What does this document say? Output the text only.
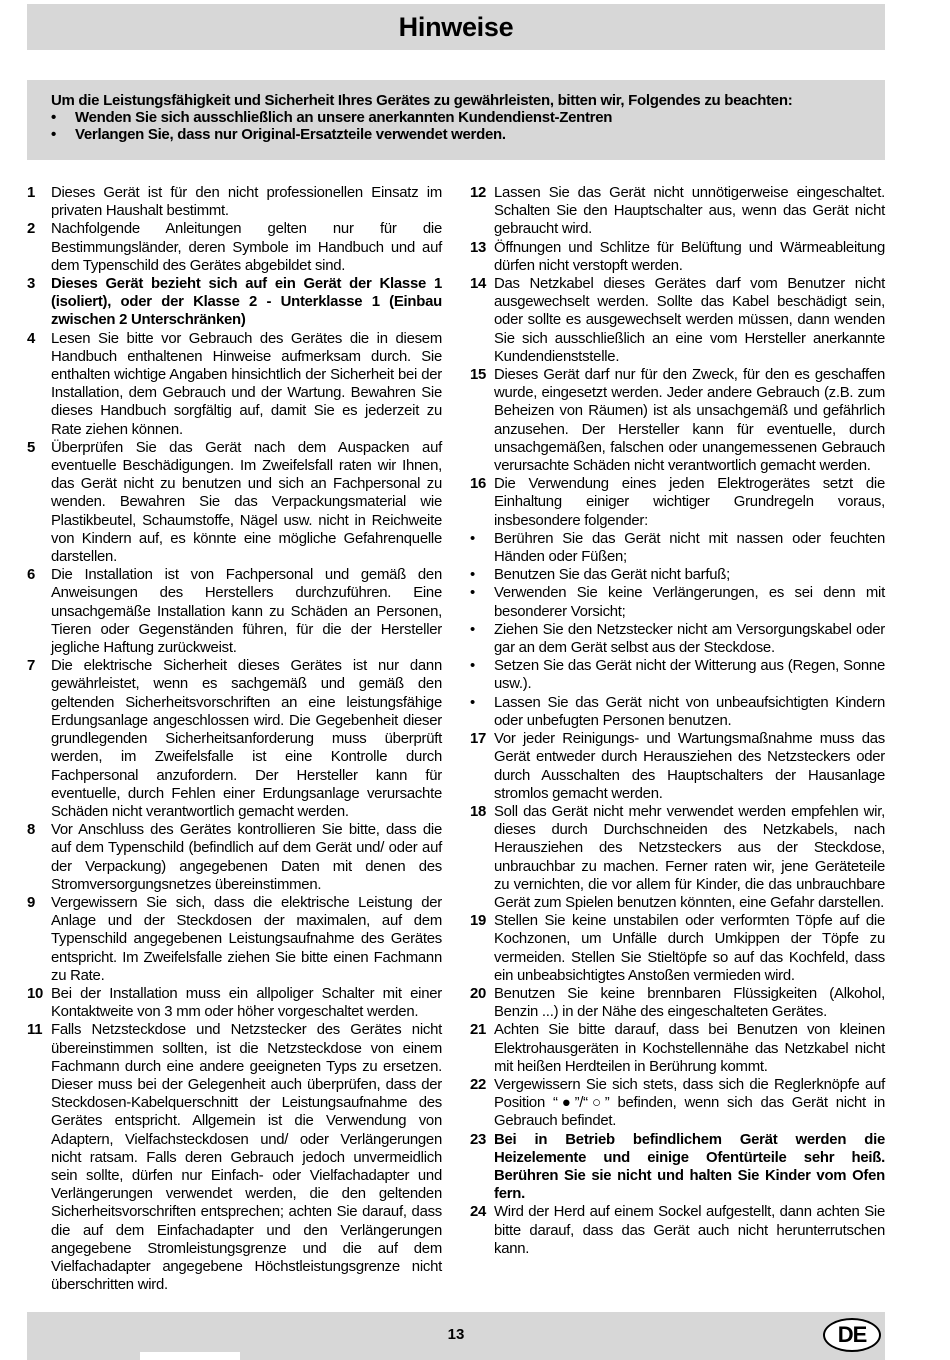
Hinweise
Um die Leistungsfähigkeit und Sicherheit Ihres Gerätes zu gewährleisten, bitten wir, Folgendes zu beachten:
•	Wenden Sie sich ausschließlich an unsere anerkannten Kundendienst-Zentren
•	Verlangen Sie, dass nur Original-Ersatzteile verwendet werden.
1	Dieses Gerät ist für den nicht professionellen Einsatz im privaten Haushalt bestimmt.
2	Nachfolgende Anleitungen gelten nur für die Bestimmungsländer, deren Symbole im Handbuch und auf dem Typenschild des Gerätes abgebildet sind.
3	Dieses Gerät bezieht sich auf ein Gerät der Klasse 1 (isoliert), oder der Klasse 2 - Unterklasse 1 (Einbau zwischen 2 Unterschränken)
4	Lesen Sie bitte vor Gebrauch des Gerätes die in diesem Handbuch enthaltenen Hinweise aufmerksam durch. Sie enthalten wichtige Angaben hinsichtlich der Sicherheit bei der Installation, dem Gebrauch und der Wartung. Bewahren Sie dieses Handbuch sorgfältig auf, damit Sie es jederzeit zu Rate ziehen können.
5	Überprüfen Sie das Gerät nach dem Auspacken auf eventuelle Beschädigungen. Im Zweifelsfall raten wir Ihnen, das Gerät nicht zu benutzen und sich an Fachpersonal zu wenden. Bewahren Sie das Verpackungsmaterial wie Plastikbeutel, Schaumstoffe, Nägel usw. nicht in Reichweite von Kindern auf, es könnte eine mögliche Gefahrenquelle darstellen.
6	Die Installation ist von Fachpersonal und gemäß den Anweisungen des Herstellers durchzuführen. Eine unsachgemäße Installation kann zu Schäden an Personen, Tieren oder Gegenständen führen, für die der Hersteller jegliche Haftung zurückweist.
7	Die elektrische Sicherheit dieses Gerätes ist nur dann gewährleistet, wenn es sachgemäß und gemäß den geltenden Sicherheitsvorschriften an eine leistungsfähige Erdungsanlage angeschlossen wird. Die Gegebenheit dieser grundlegenden Sicherheitsanforderung muss überprüft werden, im Zweifelsfalle ist eine Kontrolle durch Fachpersonal anzufordern. Der Hersteller kann für eventuelle, durch Fehlen einer Erdungsanlage verursachte Schäden nicht verantwortlich gemacht werden.
8	Vor Anschluss des Gerätes kontrollieren Sie bitte, dass die auf dem Typenschild (befindlich auf dem Gerät und/ oder auf der Verpackung) angegebenen Daten mit denen des Stromversorgungsnetzes übereinstimmen.
9	Vergewissern Sie sich, dass die elektrische Leistung der Anlage und der Steckdosen der maximalen, auf dem Typenschild angegebenen Leistungsaufnahme des Gerätes entspricht. Im Zweifelsfalle ziehen Sie bitte einen Fachmann zu Rate.
10 Bei der Installation muss ein allpoliger Schalter mit einer Kontaktweite von 3 mm oder höher vorgeschaltet werden.
11 Falls Netzsteckdose und Netzstecker des Gerätes nicht übereinstimmen sollten, ist die Netzsteckdose von einem Fachmann durch eine andere geeigneten Typs zu ersetzen. Dieser muss bei der Gelegenheit auch überprüfen, dass der Steckdosen-Kabelquerschnitt der Leistungsaufnahme des Gerätes entspricht. Allgemein ist die Verwendung von Adaptern, Vielfachsteckdosen und/ oder Verlängerungen nicht ratsam. Falls deren Gebrauch jedoch unvermeidlich sein sollte, dürfen nur Einfach- oder Vielfachadapter und Verlängerungen verwendet werden, die den geltenden Sicherheitsvorschriften entsprechen; achten Sie darauf, dass die auf dem Einfachadapter und den Verlängerungen angegebene Stromleistungsgrenze und die auf dem Vielfachadapter angegebene Höchstleistungsgrenze nicht überschritten wird.
12 Lassen Sie das Gerät nicht unnötigerweise eingeschaltet. Schalten Sie den Hauptschalter aus, wenn das Gerät nicht gebraucht wird.
13 Öffnungen und Schlitze für Belüftung und Wärmeableitung dürfen nicht verstopft werden.
14 Das Netzkabel dieses Gerätes darf vom Benutzer nicht ausgewechselt werden. Sollte das Kabel beschädigt sein, oder sollte es ausgewechselt werden müssen, dann wenden Sie sich ausschließlich an eine vom Hersteller anerkannte Kundendienststelle.
15 Dieses Gerät darf nur für den Zweck, für den es geschaffen wurde, eingesetzt werden. Jeder andere Gebrauch (z.B. zum Beheizen von Räumen) ist als unsachgemäß und gefährlich anzusehen. Der Hersteller kann für eventuelle, durch unsachgemäßen, falschen oder unangemessenen Gebrauch verursachte Schäden nicht verantwortlich gemacht werden.
16 Die Verwendung eines jeden Elektrogerätes setzt die Einhaltung einiger wichtiger Grundregeln voraus, insbesondere folgender:
•	Berühren Sie das Gerät nicht mit nassen oder feuchten Händen oder Füßen;
•	Benutzen Sie das Gerät nicht barfuß;
•	Verwenden Sie keine Verlängerungen, es sei denn mit besonderer Vorsicht;
•	Ziehen Sie den Netzstecker nicht am Versorgungskabel oder gar an dem Gerät selbst aus der Steckdose.
•	Setzen Sie das Gerät nicht der Witterung aus (Regen, Sonne usw.).
•	Lassen Sie das Gerät nicht von unbeaufsichtigten Kindern oder unbefugten Personen benutzen.
17 Vor jeder Reinigungs- und Wartungsmaßnahme muss das Gerät entweder durch Herausziehen des Netzsteckers oder durch Ausschalten des Hauptschalters der Hausanlage stromlos gemacht werden.
18 Soll das Gerät nicht mehr verwendet werden empfehlen wir, dieses durch Durchschneiden des Netzkabels, nach Herausziehen des Netzsteckers aus der Steckdose, unbrauchbar zu machen. Ferner raten wir, jene Geräteteile zu vernichten, die vor allem für Kinder, die das unbrauchbare Gerät zum Spielen benutzen könnten, eine Gefahr darstellen.
19 Stellen Sie keine unstabilen oder verformten Töpfe auf die Kochzonen, um Unfälle durch Umkippen der Töpfe zu vermeiden. Stellen Sie Stieltöpfe so auf das Kochfeld, dass ein unbeabsichtigtes Anstoßen vermieden wird.
20 Benutzen Sie keine brennbaren Flüssigkeiten (Alkohol, Benzin ...) in der Nähe des eingeschalteten Gerätes.
21 Achten Sie bitte darauf, dass bei Benutzen von kleinen Elektrohausgeräten in Kochstellennähe das Netzkabel nicht mit heißen Herdteilen in Berührung kommt.
22 Vergewissern Sie sich stets, dass sich die Reglerknöpfe auf Position “●”/“○” befinden, wenn sich das Gerät nicht in Gebrauch befindet.
23 Bei in Betrieb befindlichem Gerät werden die Heizelemente und einige Ofentürteile sehr heiß. Berühren Sie sie nicht und halten Sie Kinder vom Ofen fern.
24 Wird der Herd auf einem Sockel aufgestellt, dann achten Sie bitte darauf, dass das Gerät auch nicht herunterrutschen kann.
13	DE
